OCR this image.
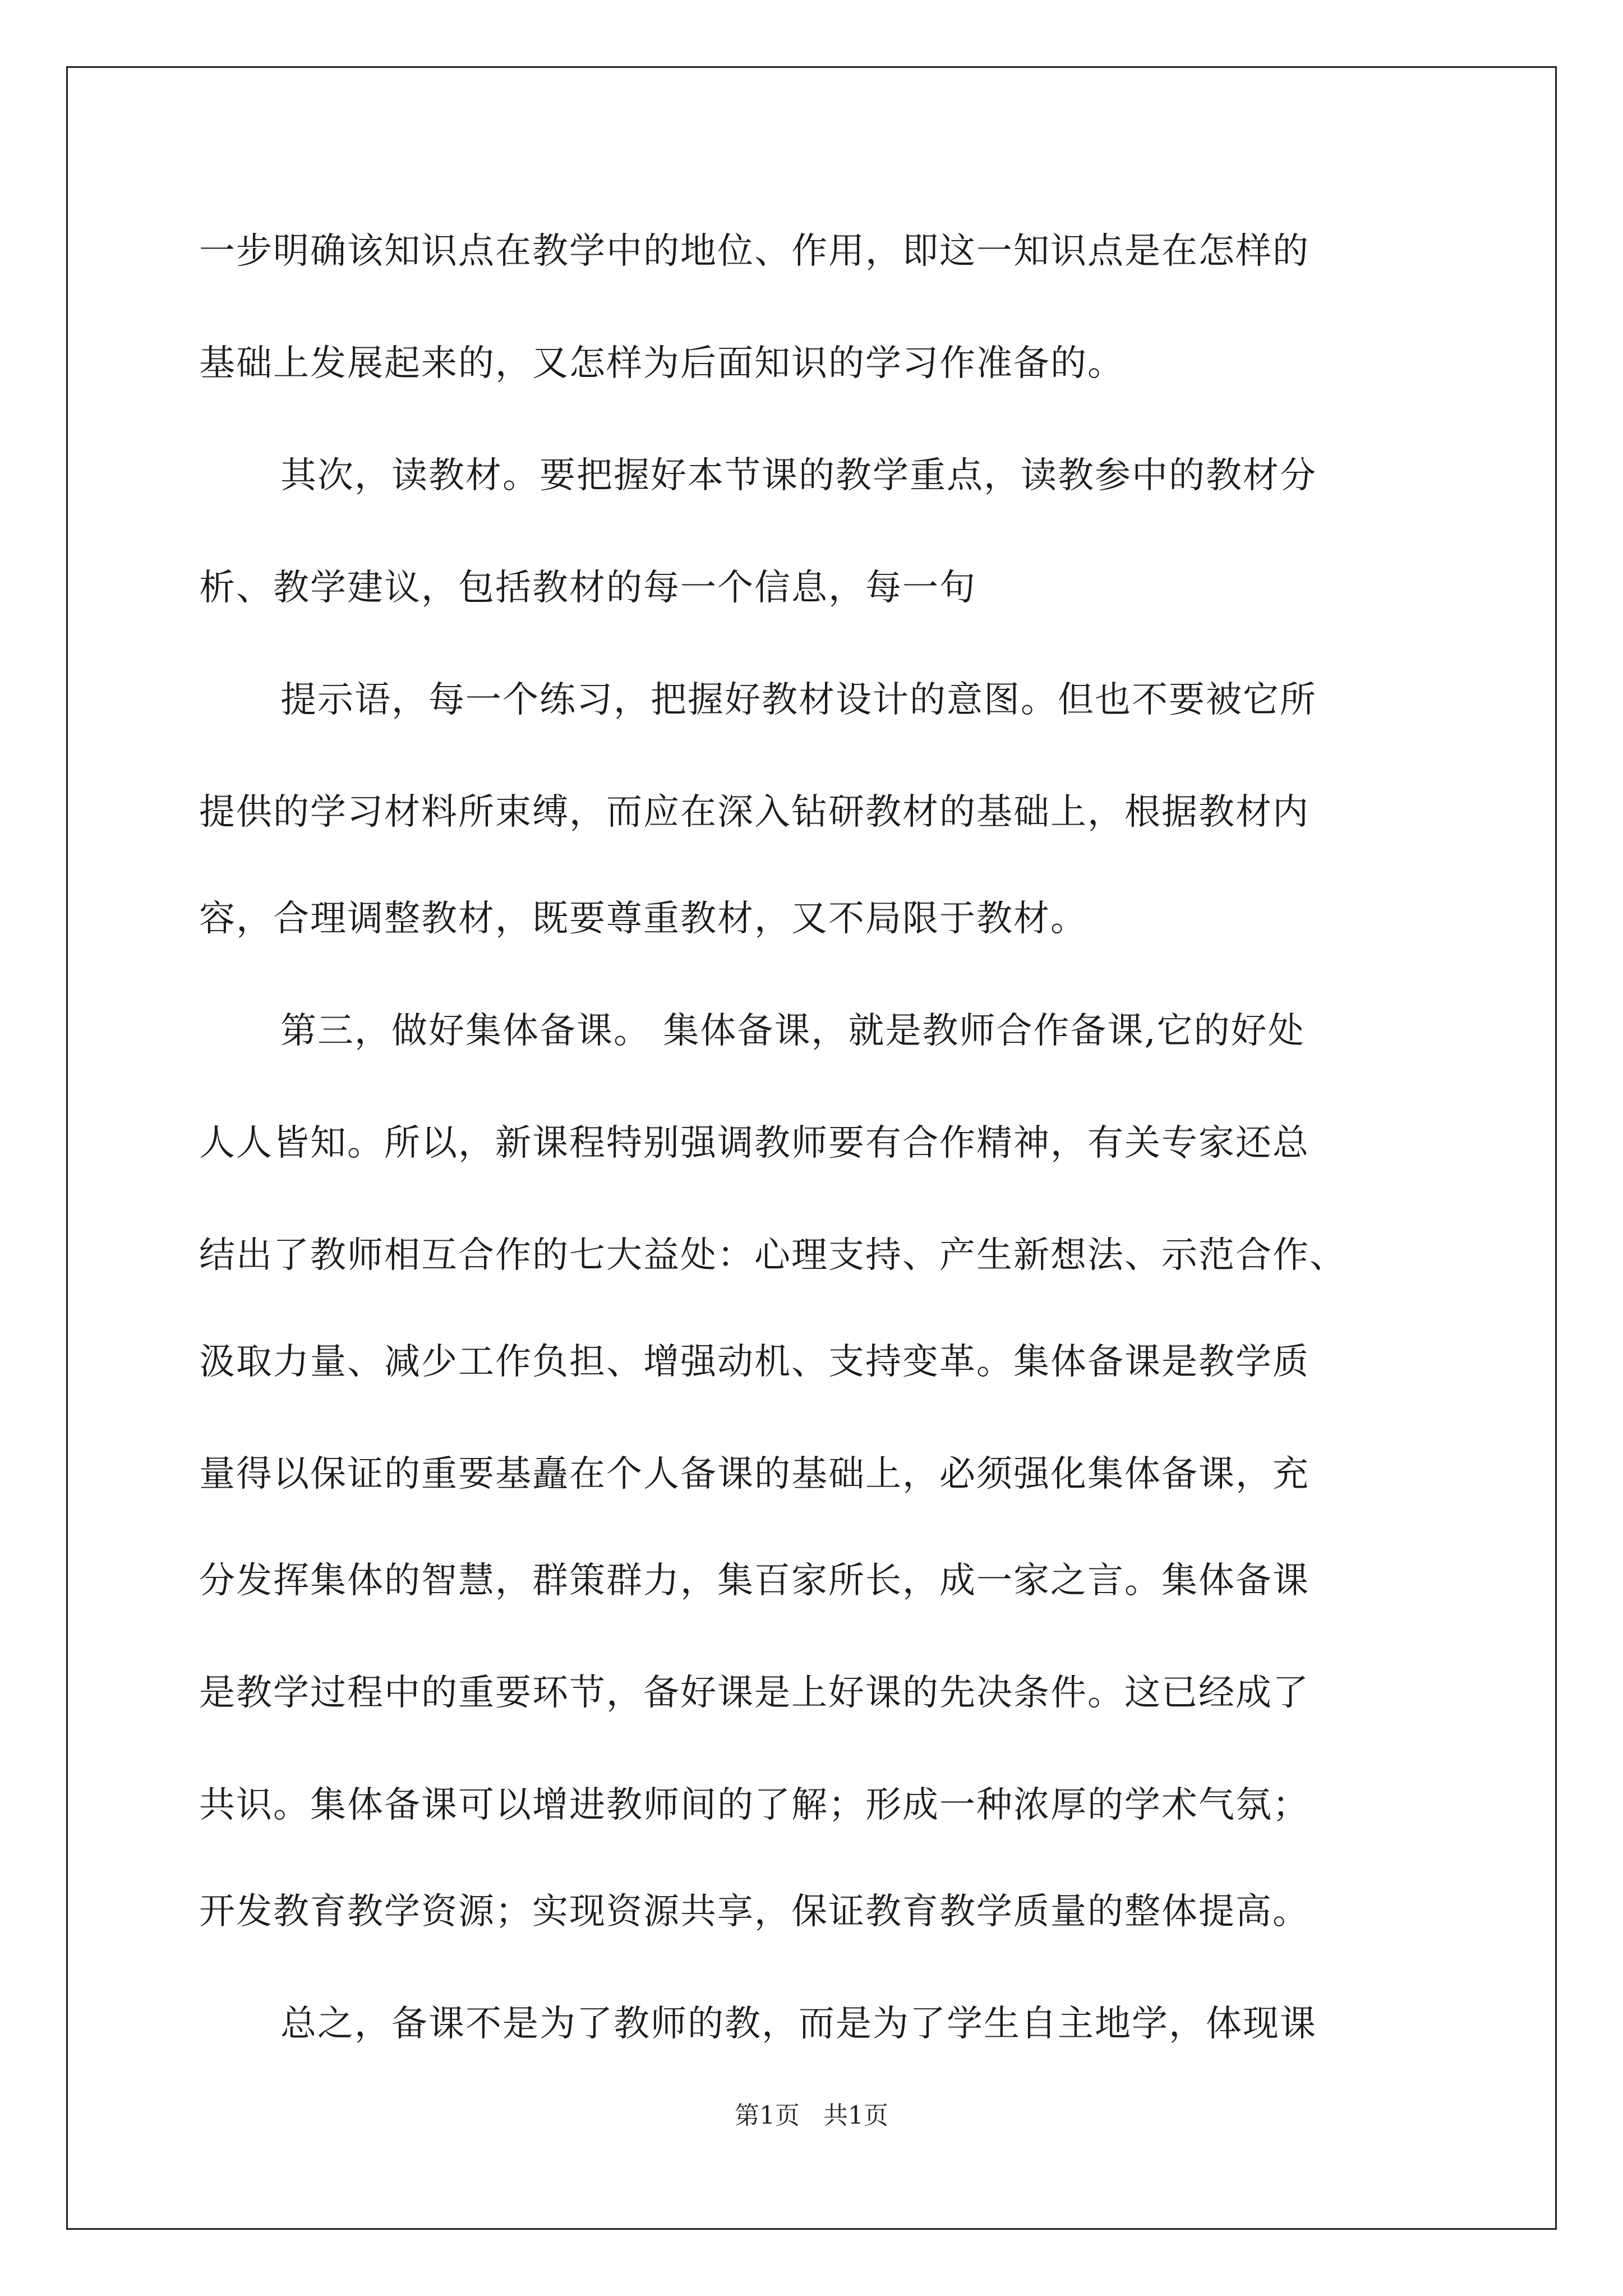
一步明确该知识点在教学中的地位、作用，即这一知识点是在怎样的
基础上发展起来的，又怎样为后面知识的学习作准备的。
其次，读教材。要把握好本节课的教学重点，读教参中的教材分
析、教学建议，包括教材的每一个信息，每一句
提示语，每一个练习，把握好教材设计的意图。但也不要被它所
提供的学习材料所束缚，而应在深入钻研教材的基础上，根据教材内
容，合理调整教材，既要尊重教材，又不局限于教材。
第三，做好集体备课。 集体备课，就是教师合作备课,它的好处
人人皆知。所以，新课程特别强调教师要有合作精神，有关专家还总
结出了教师相互合作的七大益处：心理支持、产生新想法、示范合作、
汲取力量、减少工作负担、增强动机、支持变革。集体备课是教学质
量得以保证的重要基矗在个人备课的基础上，必须强化集体备课，充
分发挥集体的智慧，群策群力，集百家所长，成一家之言。集体备课
是教学过程中的重要环节，备好课是上好课的先决条件。这已经成了
共识。集体备课可以增进教师间的了解；形成一种浓厚的学术气氛；
开发教育教学资源；实现资源共享，保证教育教学质量的整体提高。
总之，备课不是为了教师的教，而是为了学生自主地学，体现课
第1页 共1页
